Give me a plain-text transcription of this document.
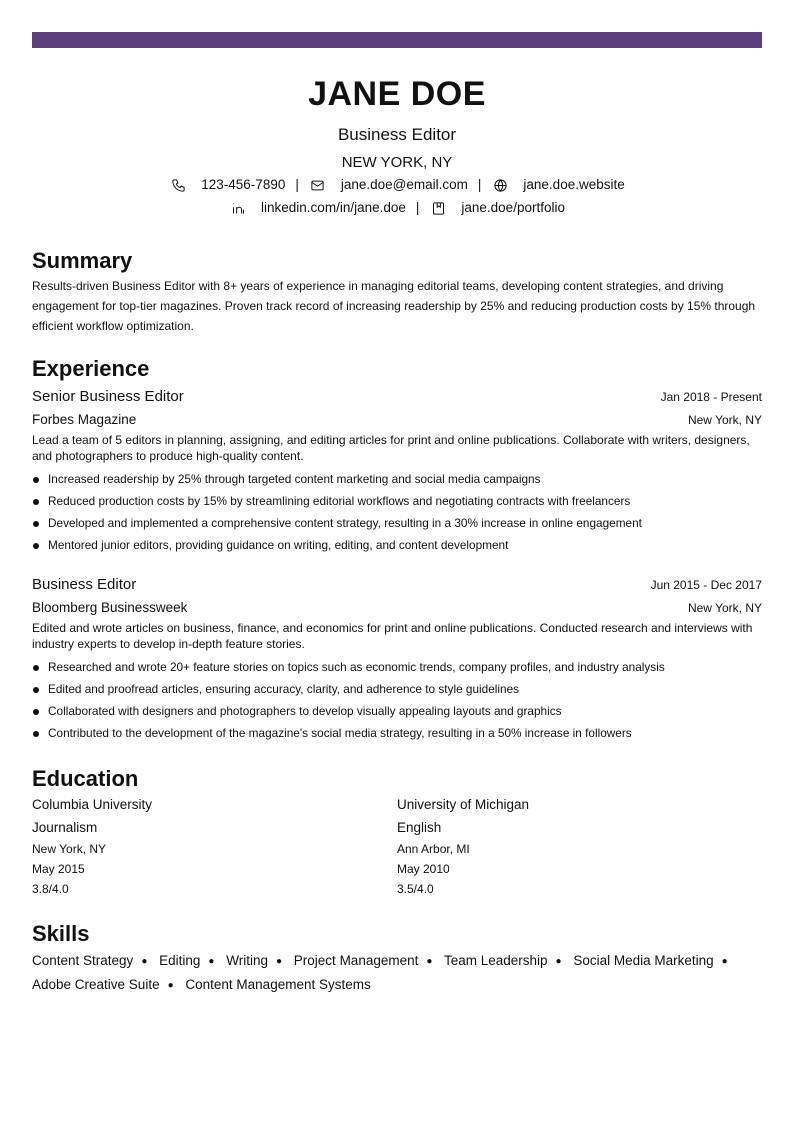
JANE DOE
Business Editor
NEW YORK, NY
123-456-7890 |	jane.doe@email.com |	jane.doe.website
linkedin.com/in/jane.doe |	jane.doe/portfolio
Summary
Results-driven Business Editor with 8+ years of experience in managing editorial teams, developing content strategies, and driving engagement for top-tier magazines. Proven track record of increasing readership by 25% and reducing production costs by 15% through efficient workflow optimization.
Experience
Senior Business Editor	Jan 2018 - Present
Forbes Magazine	New York, NY
Lead a team of 5 editors in planning, assigning, and editing articles for print and online publications. Collaborate with writers, designers, and photographers to produce high-quality content.
Increased readership by 25% through targeted content marketing and social media campaigns
Reduced production costs by 15% by streamlining editorial workflows and negotiating contracts with freelancers
Developed and implemented a comprehensive content strategy, resulting in a 30% increase in online engagement
Mentored junior editors, providing guidance on writing, editing, and content development
Business Editor	Jun 2015 - Dec 2017
Bloomberg Businessweek	New York, NY
Edited and wrote articles on business, finance, and economics for print and online publications. Conducted research and interviews with industry experts to develop in-depth feature stories.
Researched and wrote 20+ feature stories on topics such as economic trends, company profiles, and industry analysis
Edited and proofread articles, ensuring accuracy, clarity, and adherence to style guidelines
Collaborated with designers and photographers to develop visually appealing layouts and graphics
Contributed to the development of the magazine's social media strategy, resulting in a 50% increase in followers
Education
Columbia University
Journalism
New York, NY
May 2015
3.8/4.0
University of Michigan
English
Ann Arbor, MI
May 2010
3.5/4.0
Skills
Content Strategy ● Editing ● Writing ● Project Management ● Team Leadership ● Social Media Marketing ● Adobe Creative Suite ● Content Management Systems
